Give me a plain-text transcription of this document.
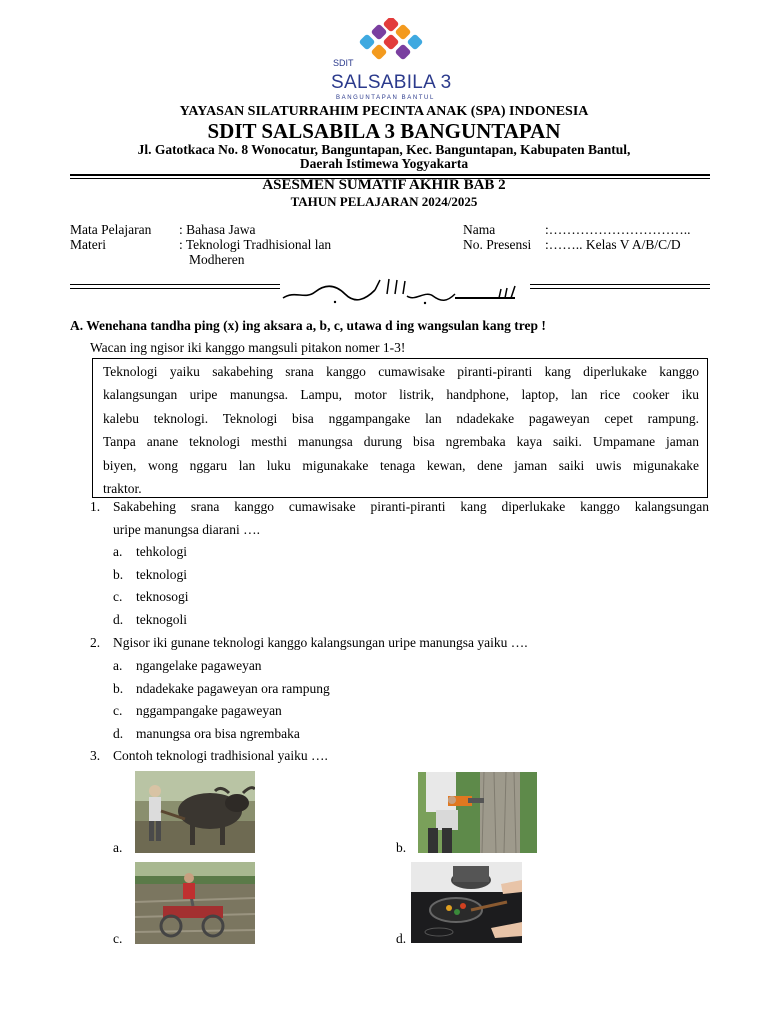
SDIT
SALSABILA 3
BANGUNTAPAN BANTUL
YAYASAN SILATURRAHIM PECINTA ANAK (SPA) INDONESIA
SDIT SALSABILA 3 BANGUNTAPAN
Jl. Gatotkaca No. 8 Wonocatur, Banguntapan, Kec. Banguntapan, Kabupaten Bantul,
Daerah Istimewa Yogyakarta
ASESMEN SUMATIF AKHIR BAB 2
TAHUN PELAJARAN 2024/2025
Mata Pelajaran : Bahasa Jawa
Materi	: Teknologi Tradhisional lan
Modheren
Nama	:…………………………..
No. Presensi :…….. Kelas V A/B/C/D
A. Wenehana tandha ping (x) ing aksara a, b, c, utawa d ing wangsulan kang trep !
Wacan ing ngisor iki kanggo mangsuli pitakon nomer 1-3!
Teknologi yaiku sakabehing srana kanggo cumawisake piranti-piranti kang diperlukake kanggo
kalangsungan uripe manungsa. Lampu, motor listrik, handphone, laptop, lan rice cooker iku
kalebu teknologi. Teknologi bisa nggampangake lan ndadekake pagaweyan cepet rampung.
Tanpa anane teknologi mesthi manungsa durung bisa ngrembaka kaya saiki. Umpamane jaman
biyen, wong nggaru lan luku migunakake tenaga kewan, dene jaman saiki uwis migunakake
traktor.
1. Sakabehing srana kanggo cumawisake piranti-piranti kang diperlukake kanggo kalangsungan
uripe manungsa diarani ….
a. tehkologi
b. teknologi
c. teknosogi
d. teknogoli
2. Ngisor iki gunane teknologi kanggo kalangsungan uripe manungsa yaiku ….
a. ngangelake pagaweyan
b. ndadekake pagaweyan ora rampung
c. nggampangake pagaweyan
d. manungsa ora bisa ngrembaka
3. Contoh teknologi tradhisional yaiku ….
a.	b.
c.	d.
